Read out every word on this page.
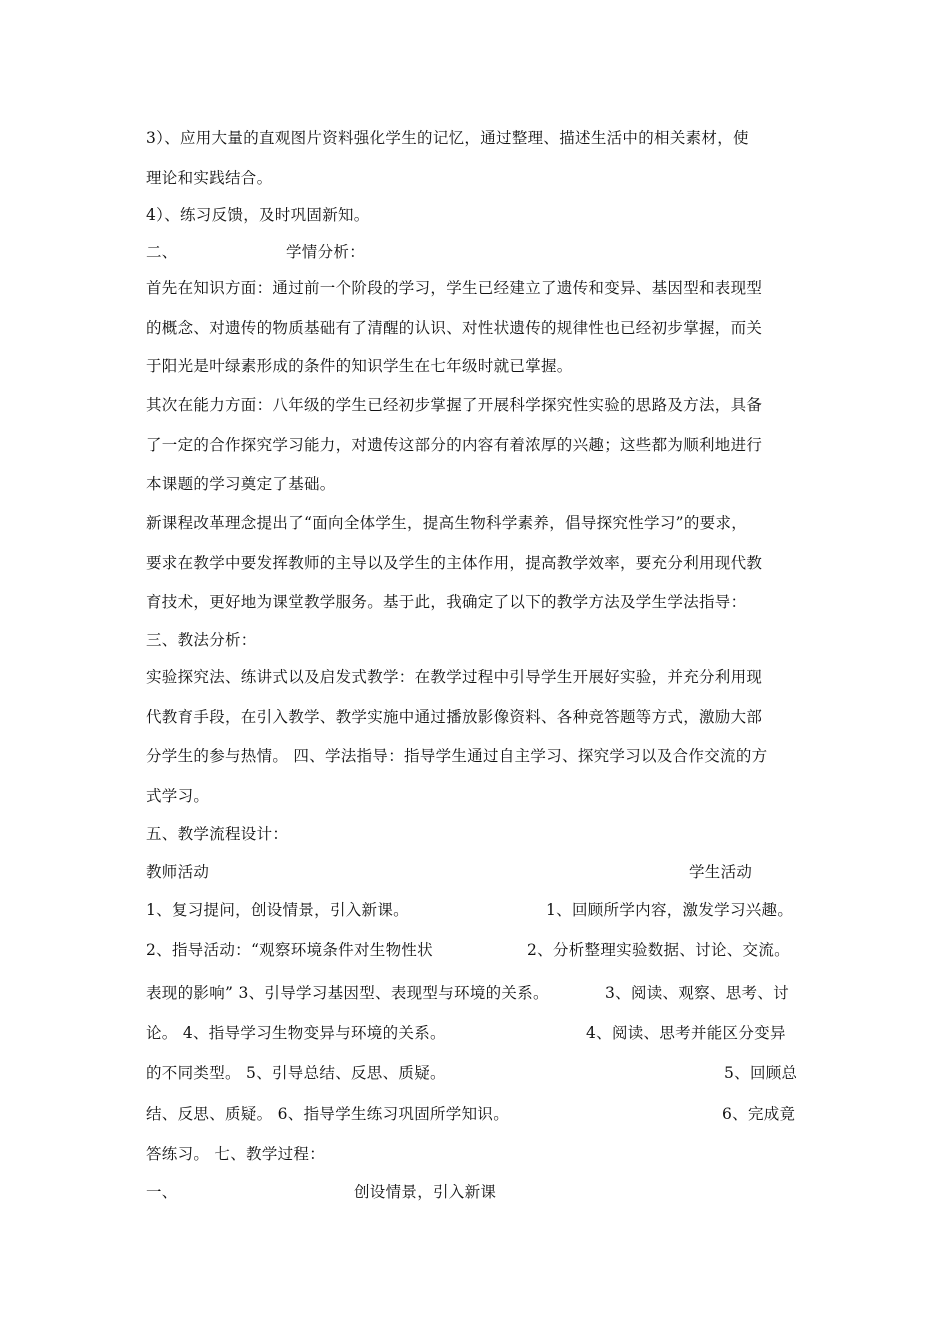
3）、应用大量的直观图片资料强化学生的记忆，通过整理、描述生活中的相关素材，使
理论和实践结合。
4）、练习反馈，及时巩固新知。
二、	学情分析：
首先在知识方面：通过前一个阶段的学习，学生已经建立了遗传和变异、基因型和表现型
的概念、对遗传的物质基础有了清醒的认识、对性状遗传的规律性也已经初步掌握，而关
于阳光是叶绿素形成的条件的知识学生在七年级时就已掌握。
其次在能力方面：八年级的学生已经初步掌握了开展科学探究性实验的思路及方法，具备
了一定的合作探究学习能力，对遗传这部分的内容有着浓厚的兴趣；这些都为顺利地进行
本课题的学习奠定了基础。
新课程改革理念提出了“面向全体学生，提高生物科学素养，倡导探究性学习”的要求，
要求在教学中要发挥教师的主导以及学生的主体作用，提高教学效率，要充分利用现代教
育技术，更好地为课堂教学服务。基于此，我确定了以下的教学方法及学生学法指导：
三、教法分析：
实验探究法、练讲式以及启发式教学：在教学过程中引导学生开展好实验，并充分利用现
代教育手段，在引入教学、教学实施中通过播放影像资料、各种竞答题等方式，激励大部
分学生的参与热情。 四、学法指导：指导学生通过自主学习、探究学习以及合作交流的方
式学习。
五、教学流程设计：
教师活动	学生活动
1、复习提问，创设情景，引入新课。	1、回顾所学内容，激发学习兴趣。
2、指导活动：“观察环境条件对生物性状	2、分析整理实验数据、讨论、交流。
表现的影响” 3、引导学习基因型、表现型与环境的关系。	3、阅读、观察、思考、讨
论。 4、指导学习生物变异与环境的关系。	4、阅读、思考并能区分变异
的不同类型。 5、引导总结、反思、质疑。	5、回顾总
结、反思、质疑。 6、指导学生练习巩固所学知识。	6、完成竟
答练习。 七、教学过程：
一、	创设情景，引入新课
